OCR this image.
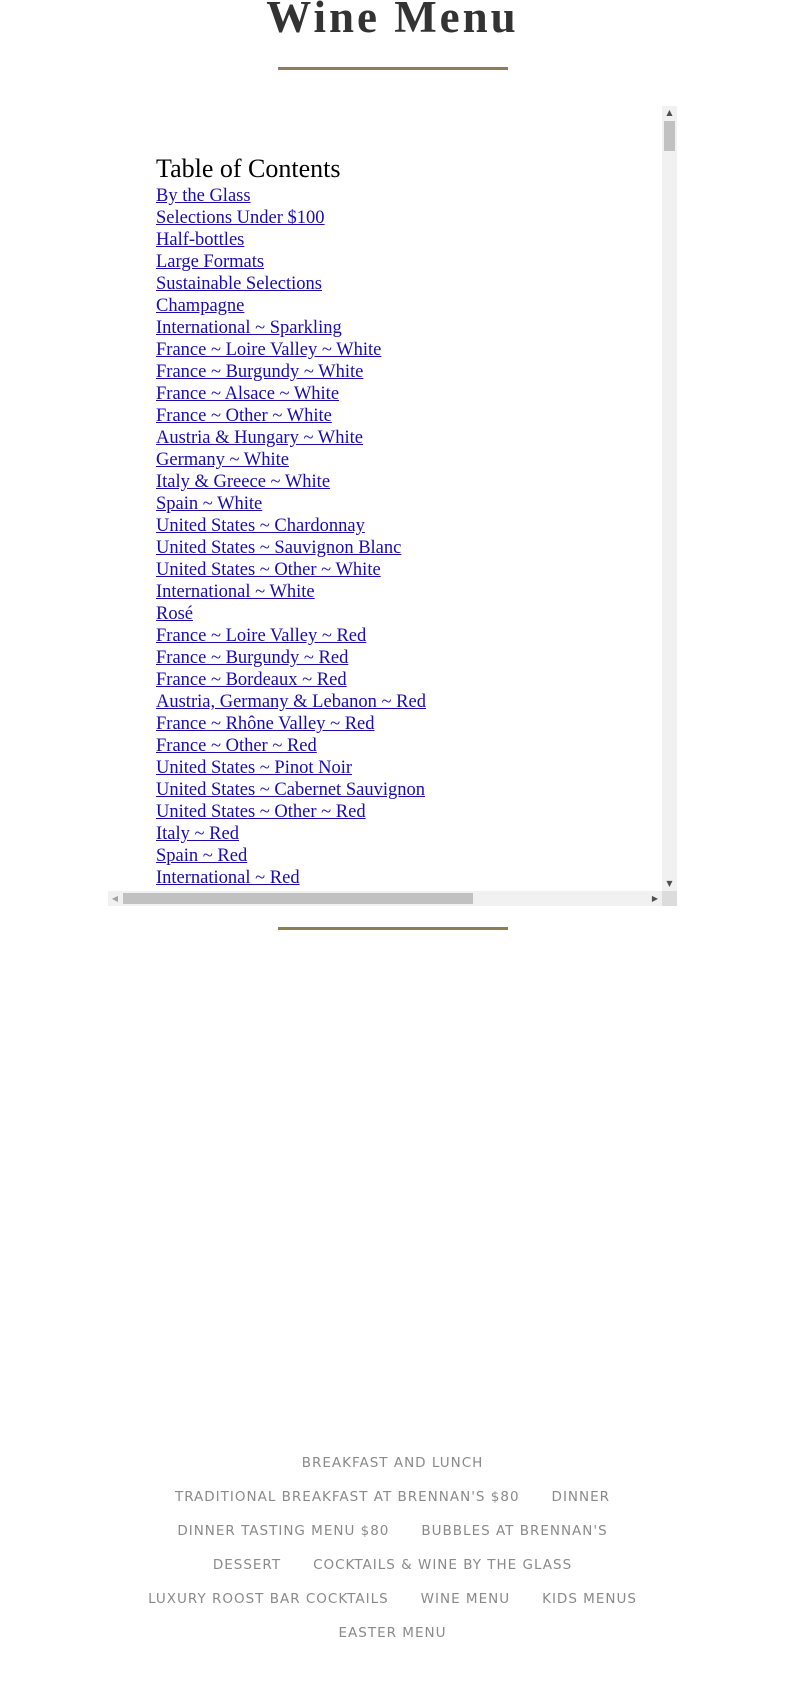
Wine Menu
Table of Contents
By the Glass
Selections Under $100
Half-bottles
Large Formats
Sustainable Selections
Champagne
International ~ Sparkling
France ~ Loire Valley ~ White
France ~ Burgundy ~ White
France ~ Alsace ~ White
France ~ Other ~ White
Austria & Hungary ~ White
Germany ~ White
Italy & Greece ~ White
Spain ~ White
United States ~ Chardonnay
United States ~ Sauvignon Blanc
United States ~ Other ~ White
International ~ White
Rosé
France ~ Loire Valley ~ Red
France ~ Burgundy ~ Red
France ~ Bordeaux ~ Red
Austria, Germany & Lebanon ~ Red
France ~ Rhône Valley ~ Red
France ~ Other ~ Red
United States ~ Pinot Noir
United States ~ Cabernet Sauvignon
United States ~ Other ~ Red
Italy ~ Red
Spain ~ Red
International ~ Red
▲
▼
◀	▶
BREAKFAST AND LUNCH
TRADITIONAL BREAKFAST AT BRENNAN'S $80 DINNER
DINNER TASTING MENU $80 BUBBLES AT BRENNAN'S
DESSERT COCKTAILS & WINE BY THE GLASS
LUXURY ROOST BAR COCKTAILS WINE MENU KIDS MENUS
EASTER MENU
